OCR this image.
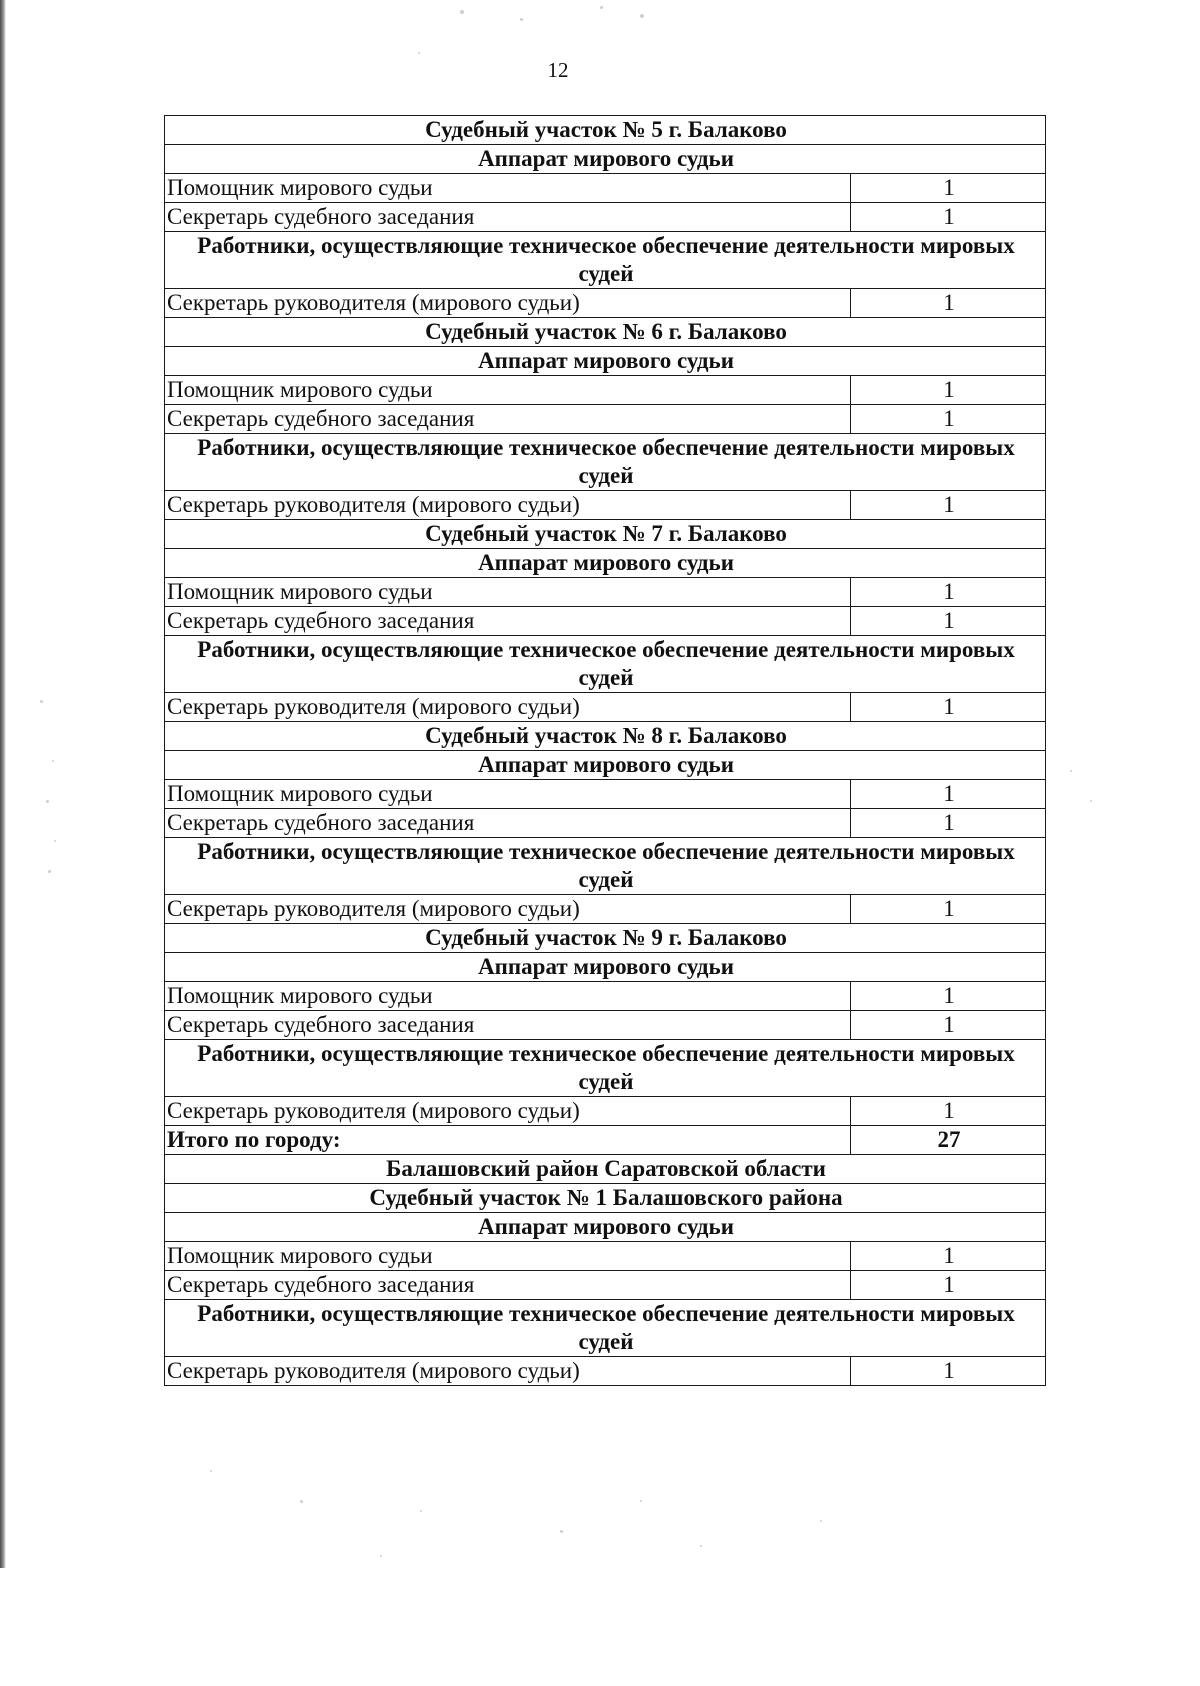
12
Судебный участок № 5 г. Балаково	
Аппарат мирового судьи	
Помощник мирового судьи	1
Секретарь судебного заседания	1
Работники, осуществляющие техническое обеспечение деятельности мировых судей	
Секретарь руководителя (мирового судьи)	1
Судебный участок № 6 г. Балаково	
Аппарат мирового судьи	
Помощник мирового судьи	1
Секретарь судебного заседания	1
Работники, осуществляющие техническое обеспечение деятельности мировых судей	
Секретарь руководителя (мирового судьи)	1
Судебный участок № 7 г. Балаково	
Аппарат мирового судьи	
Помощник мирового судьи	1
Секретарь судебного заседания	1
Работники, осуществляющие техническое обеспечение деятельности мировых судей	
Секретарь руководителя (мирового судьи)	1
Судебный участок № 8 г. Балаково	
Аппарат мирового судьи	
Помощник мирового судьи	1
Секретарь судебного заседания	1
Работники, осуществляющие техническое обеспечение деятельности мировых судей	
Секретарь руководителя (мирового судьи)	1
Судебный участок № 9 г. Балаково	
Аппарат мирового судьи	
Помощник мирового судьи	1
Секретарь судебного заседания	1
Работники, осуществляющие техническое обеспечение деятельности мировых судей	
Секретарь руководителя (мирового судьи)	1
Итого по городу:	27
Балашовский район Саратовской области	
Судебный участок № 1 Балашовского района	
Аппарат мирового судьи	
Помощник мирового судьи	1
Секретарь судебного заседания	1
Работники, осуществляющие техническое обеспечение деятельности мировых судей	
Секретарь руководителя (мирового судьи)	1
